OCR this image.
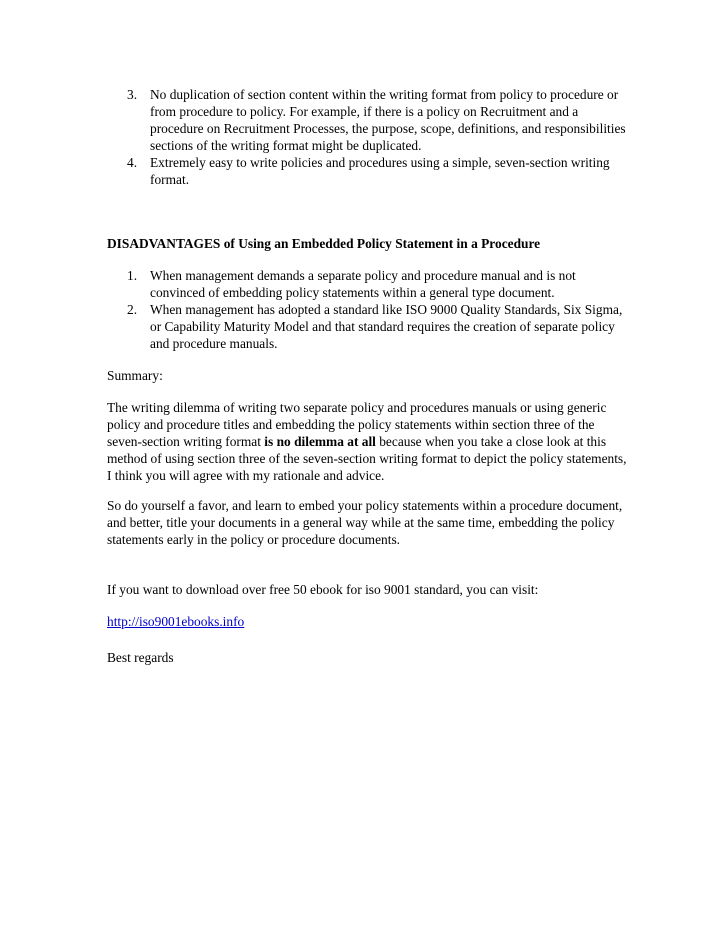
3. No duplication of section content within the writing format from policy to procedure or from procedure to policy. For example, if there is a policy on Recruitment and a procedure on Recruitment Processes, the purpose, scope, definitions, and responsibilities sections of the writing format might be duplicated.
4. Extremely easy to write policies and procedures using a simple, seven-section writing format.
DISADVANTAGES of Using an Embedded Policy Statement in a Procedure
1. When management demands a separate policy and procedure manual and is not convinced of embedding policy statements within a general type document.
2. When management has adopted a standard like ISO 9000 Quality Standards, Six Sigma, or Capability Maturity Model and that standard requires the creation of separate policy and procedure manuals.
Summary:

The writing dilemma of writing two separate policy and procedures manuals or using generic policy and procedure titles and embedding the policy statements within section three of the seven-section writing format is no dilemma at all because when you take a close look at this method of using section three of the seven-section writing format to depict the policy statements, I think you will agree with my rationale and advice.

So do yourself a favor, and learn to embed your policy statements within a procedure document, and better, title your documents in a general way while at the same time, embedding the policy statements early in the policy or procedure documents.

If you want to download over free 50 ebook for iso 9001 standard, you can visit:

http://iso9001ebooks.info
Best regards
